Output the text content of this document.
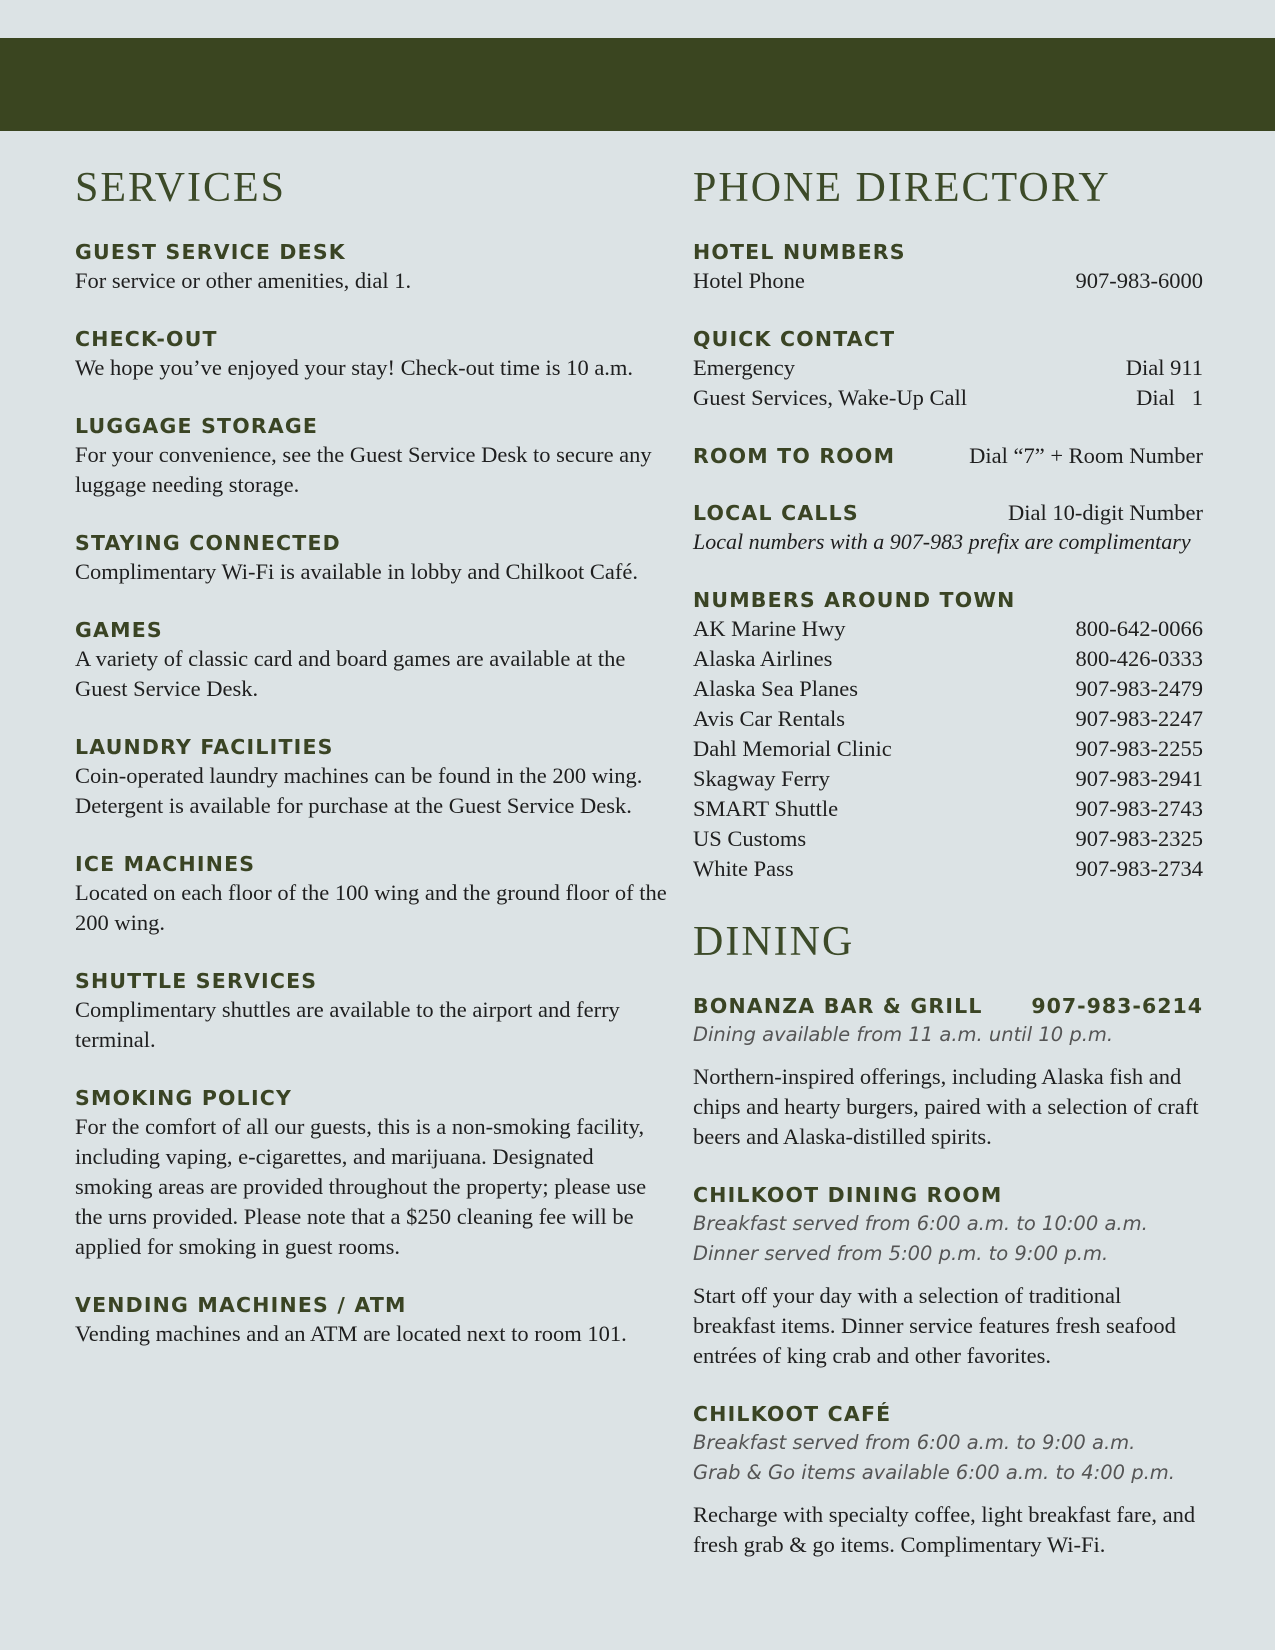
SERVICES
GUEST SERVICE DESK
For service or other amenities, dial 1.
CHECK-OUT
We hope you’ve enjoyed your stay! Check-out time is 10 a.m.
LUGGAGE STORAGE
For your convenience, see the Guest Service Desk to secure any luggage needing storage.
STAYING CONNECTED
Complimentary Wi-Fi is available in lobby and Chilkoot Café.
GAMES
A variety of classic card and board games are available at the Guest Service Desk.
LAUNDRY FACILITIES
Coin-operated laundry machines can be found in the 200 wing.
Detergent is available for purchase at the Guest Service Desk.
ICE MACHINES
Located on each floor of the 100 wing and the ground floor of the 200 wing.
SHUTTLE SERVICES
Complimentary shuttles are available to the airport and ferry terminal.
SMOKING POLICY
For the comfort of all our guests, this is a non-smoking facility, including vaping, e-cigarettes, and marijuana. Designated smoking areas are provided throughout the property; please use the urns provided. Please note that a $250 cleaning fee will be applied for smoking in guest rooms.
VENDING MACHINES / ATM
Vending machines and an ATM are located next to room 101.
PHONE DIRECTORY
HOTEL NUMBERS
Hotel Phone	907-983-6000
QUICK CONTACT
Emergency	Dial 911
Guest Services, Wake-Up Call	Dial   1
ROOM TO ROOM	Dial “7” + Room Number
LOCAL CALLS	Dial 10-digit Number
Local numbers with a 907-983 prefix are complimentary
NUMBERS AROUND TOWN
AK Marine Hwy	800-642-0066
Alaska Airlines	800-426-0333
Alaska Sea Planes	907-983-2479
Avis Car Rentals	907-983-2247
Dahl Memorial Clinic	907-983-2255
Skagway Ferry	907-983-2941
SMART Shuttle	907-983-2743
US Customs	907-983-2325
White Pass	907-983-2734
DINING
BONANZA BAR & GRILL 907-983-6214
Dining available from 11 a.m. until 10 p.m.
Northern-inspired offerings, including Alaska fish and chips and hearty burgers, paired with a selection of craft beers and Alaska-distilled spirits.
CHILKOOT DINING ROOM
Breakfast served from 6:00 a.m. to 10:00 a.m.
Dinner served from 5:00 p.m. to 9:00 p.m.
Start off your day with a selection of traditional breakfast items. Dinner service features fresh seafood entrées of king crab and other favorites.
CHILKOOT CAFÉ
Breakfast served from 6:00 a.m. to 9:00 a.m.
Grab & Go items available 6:00 a.m. to 4:00 p.m.
Recharge with specialty coffee, light breakfast fare, and fresh grab & go items. Complimentary Wi-Fi.
